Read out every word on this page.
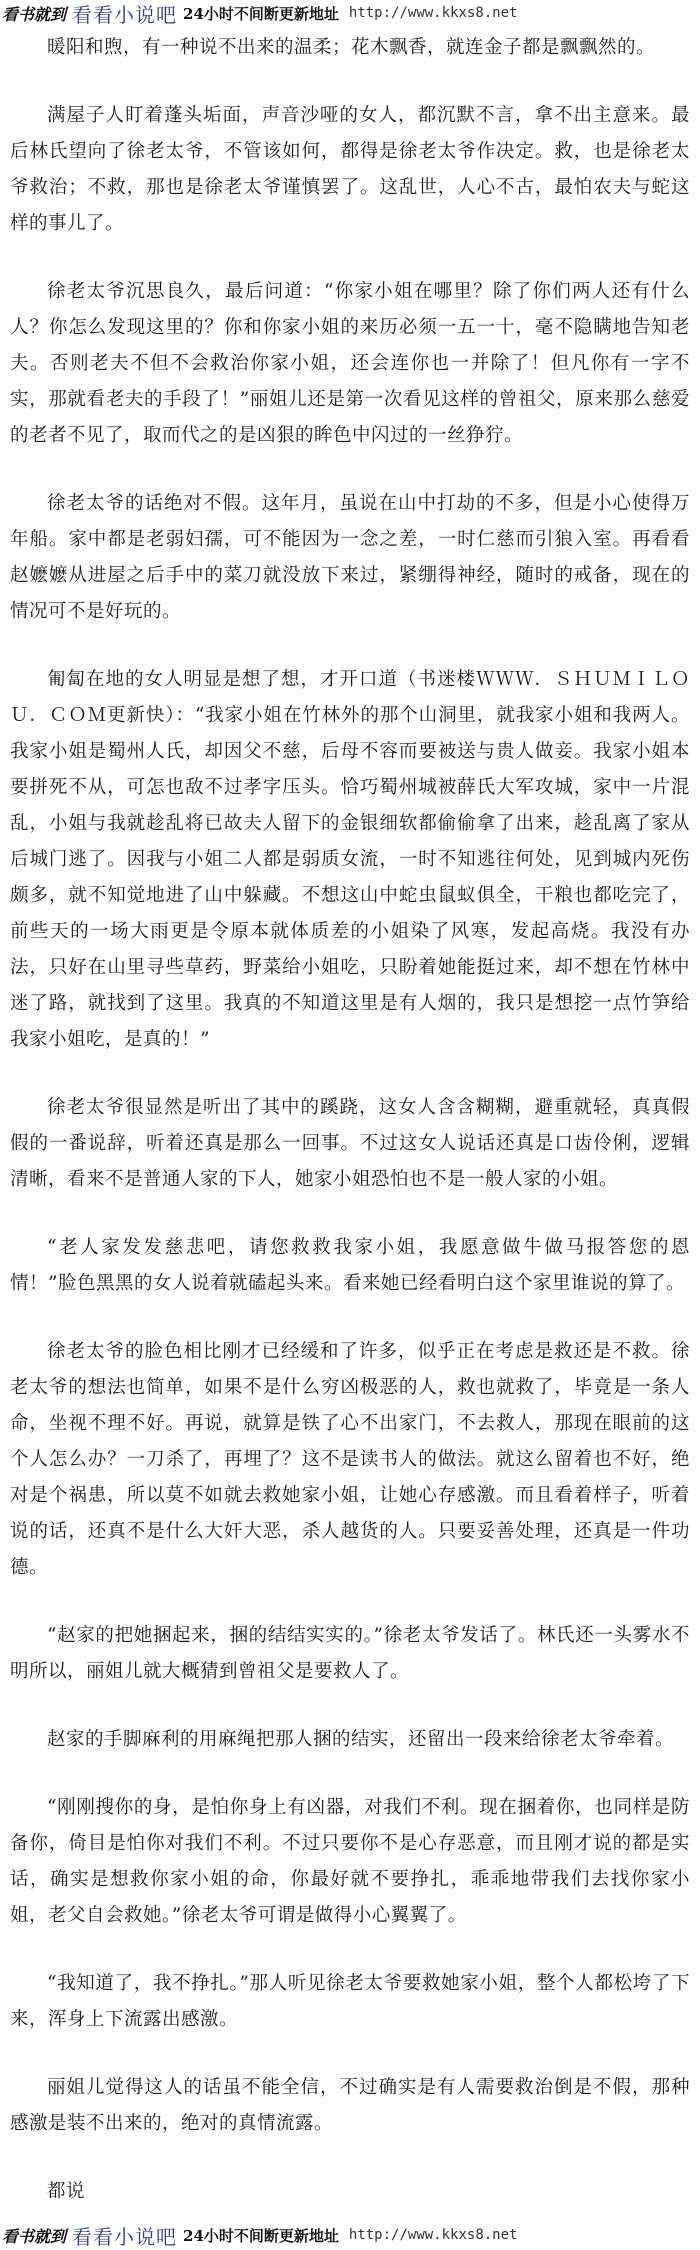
看书就到 看看小说吧 24小时不间断更新地址 http://www.kkxs8.net

暖阳和煦，有一种说不出来的温柔；花木飘香，就连金子都是飘飘然的。

满屋子人盯着蓬头垢面，声音沙哑的女人，都沉默不言，拿不出主意来。最后林氏望向了徐老太爷，不管该如何，都得是徐老太爷作决定。救，也是徐老太爷救治；不救，那也是徐老太爷谨慎罢了。这乱世，人心不古，最怕农夫与蛇这样的事儿了。

徐老太爷沉思良久，最后问道：“你家小姐在哪里？除了你们两人还有什么人？你怎么发现这里的？你和你家小姐的来历必须一五一十，毫不隐瞒地告知老夫。否则老夫不但不会救治你家小姐，还会连你也一并除了！但凡你有一字不实，那就看老夫的手段了！”丽姐儿还是第一次看见这样的曾祖父，原来那么慈爱的老者不见了，取而代之的是凶狠的眸色中闪过的一丝狰狞。

徐老太爷的话绝对不假。这年月，虽说在山中打劫的不多，但是小心使得万年船。家中都是老弱妇孺，可不能因为一念之差，一时仁慈而引狼入室。再看看赵嬷嬷从进屋之后手中的菜刀就没放下来过，紧绷得神经，随时的戒备，现在的情况可不是好玩的。

匍匐在地的女人明显是想了想，才开口道（书迷楼ＷＷＷ．ＳＨＵＭＩＬＯＵ．ＣＯＭ更新快）：“我家小姐在竹林外的那个山洞里，就我家小姐和我两人。我家小姐是蜀州人氏，却因父不慈，后母不容而要被送与贵人做妾。我家小姐本要拼死不从，可怎也敌不过孝字压头。恰巧蜀州城被薛氏大军攻城，家中一片混乱，小姐与我就趁乱将已故夫人留下的金银细软都偷偷拿了出来，趁乱离了家从后城门逃了。因我与小姐二人都是弱质女流，一时不知逃往何处，见到城内死伤颇多，就不知觉地进了山中躲藏。不想这山中蛇虫鼠蚁俱全，干粮也都吃完了，前些天的一场大雨更是令原本就体质差的小姐染了风寒，发起高烧。我没有办法，只好在山里寻些草药，野菜给小姐吃，只盼着她能挺过来，却不想在竹林中迷了路，就找到了这里。我真的不知道这里是有人烟的，我只是想挖一点竹笋给我家小姐吃，是真的！”

徐老太爷很显然是听出了其中的蹊跷，这女人含含糊糊，避重就轻，真真假假的一番说辞，听着还真是那么一回事。不过这女人说话还真是口齿伶俐，逻辑清晰，看来不是普通人家的下人，她家小姐恐怕也不是一般人家的小姐。

“老人家发发慈悲吧，请您救救我家小姐，我愿意做牛做马报答您的恩情！”脸色黑黑的女人说着就磕起头来。看来她已经看明白这个家里谁说的算了。

徐老太爷的脸色相比刚才已经缓和了许多，似乎正在考虑是救还是不救。徐老太爷的想法也简单，如果不是什么穷凶极恶的人，救也就救了，毕竟是一条人命，坐视不理不好。再说，就算是铁了心不出家门，不去救人，那现在眼前的这个人怎么办？一刀杀了，再埋了？这不是读书人的做法。就这么留着也不好，绝对是个祸患，所以莫不如就去救她家小姐，让她心存感激。而且看着样子，听着说的话，还真不是什么大奸大恶，杀人越货的人。只要妥善处理，还真是一件功德。

“赵家的把她捆起来，捆的结结实实的。”徐老太爷发话了。林氏还一头雾水不明所以，丽姐儿就大概猜到曾祖父是要救人了。

赵家的手脚麻利的用麻绳把那人捆的结实，还留出一段来给徐老太爷牵着。

“刚刚搜你的身，是怕你身上有凶器，对我们不利。现在捆着你，也同样是防备你，倚目是怕你对我们不利。不过只要你不是心存恶意，而且刚才说的都是实话，确实是想救你家小姐的命，你最好就不要挣扎，乖乖地带我们去找你家小姐，老父自会救她。”徐老太爷可谓是做得小心翼翼了。

“我知道了，我不挣扎。”那人听见徐老太爷要救她家小姐，整个人都松垮了下来，浑身上下流露出感激。

丽姐儿觉得这人的话虽不能全信，不过确实是有人需要救治倒是不假，那种感激是装不出来的，绝对的真情流露。

都说

看书就到 看看小说吧 24小时不间断更新地址 http://www.kkxs8.net
